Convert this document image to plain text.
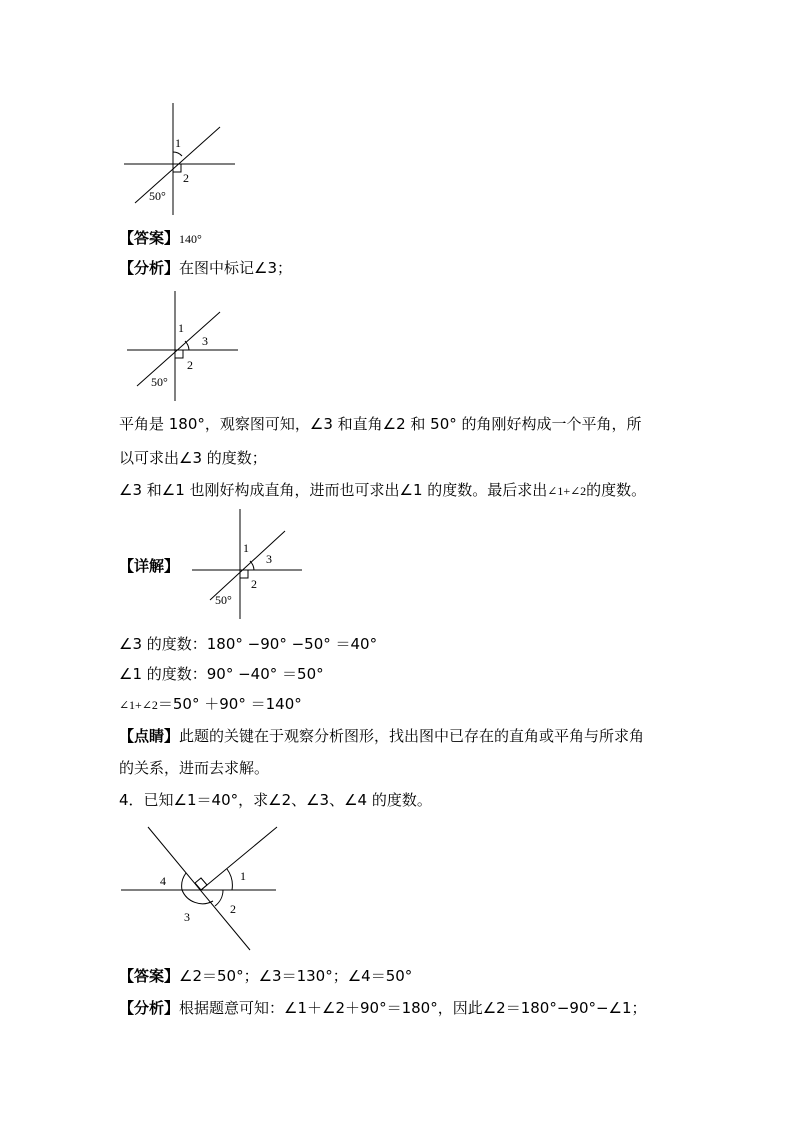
1
2
50°
【答案】140°
【分析】在图中标记∠3；
1
3
2
50°
平角是 180°，观察图可知，∠3 和直角∠2 和 50° 的角刚好构成一个平角，所
以可求出∠3 的度数；
∠3 和∠1 也刚好构成直角，进而也可求出∠1 的度数。最后求出∠1+∠2的度数。
【详解】
1
3
2
50°
∠3 的度数：180° −90° −50° ＝40°
∠1 的度数：90° −40° ＝50°
∠1+∠2＝50° ＋90° ＝140°
【点睛】此题的关键在于观察分析图形，找出图中已存在的直角或平角与所求角
的关系，进而去求解。
4．已知∠1＝40°，求∠2、∠3、∠4 的度数。
4	1
3
2
【答案】∠2＝50°；∠3＝130°；∠4＝50°
【分析】根据题意可知：∠1＋∠2＋90°＝180°，因此∠2＝180°−90°−∠1；
